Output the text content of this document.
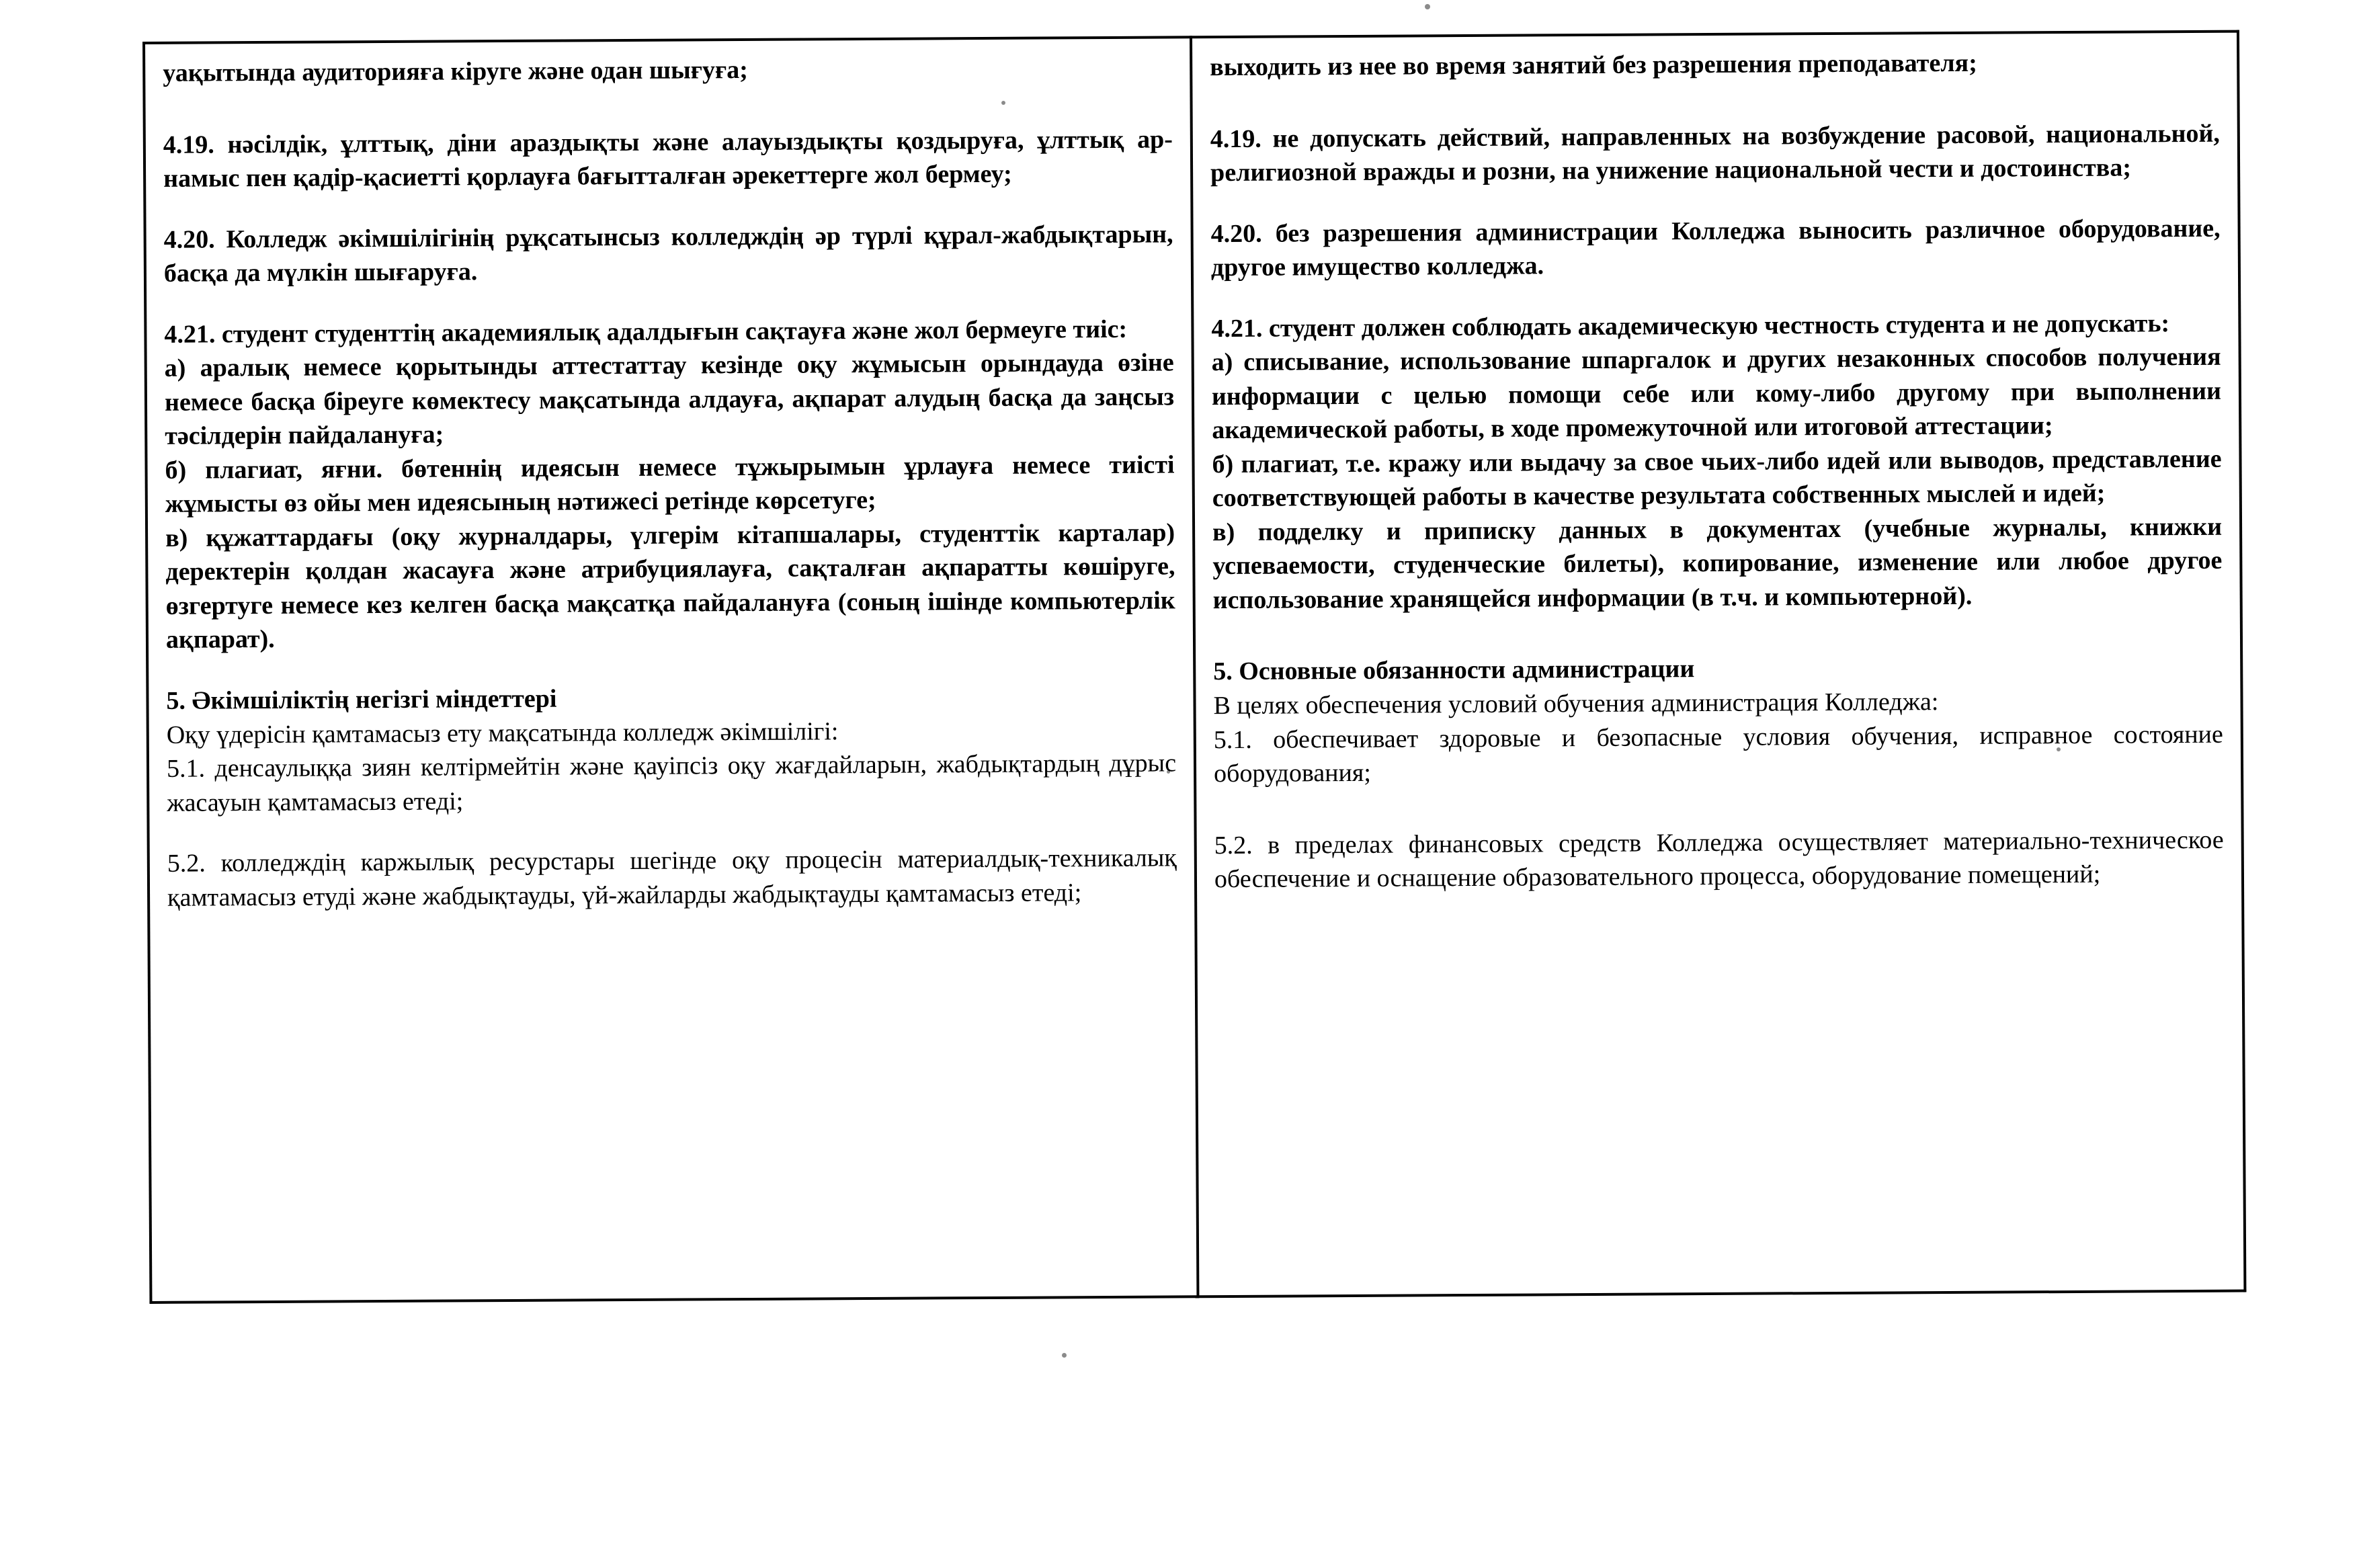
уақытында аудиторияға кіруге және одан шығуға;

4.19. нәсілдік, ұлттық, діни араздықты және алауыздықты қоздыруға, ұлттық ар-намыс пен қадір-қасиетті қорлауға бағытталған әрекеттерге жол бермеу;

4.20. Колледж әкімшілігінің рұқсатынсыз колледждің әр түрлі құрал-жабдықтарын, басқа да мүлкін шығаруға.

4.21. студент студенттің академиялық адалдығын сақтауға және жол бермеуге тиіс:

а) аралық немесе қорытынды аттестаттау кезінде оқу жұмысын орындауда өзіне немесе басқа біреуге көмектесу мақсатында алдауға, ақпарат алудың басқа да заңсыз тәсілдерін пайдалануға;

б) плагиат, яғни. бөтеннің идеясын немесе тұжырымын ұрлауға немесе тиісті жұмысты өз ойы мен идеясының нәтижесі ретінде көрсетуге;

в) құжаттардағы (оқу журналдары, үлгерім кітапшалары, студенттік карталар) деректерін қолдан жасауға және атрибуциялауға, сақталған ақпаратты көшіруге, өзгертуге немесе кез келген басқа мақсатқа пайдалануға (соның ішінде компьютерлік ақпарат).

5. Әкімшіліктің негізгі міндеттері

Оқу үдерісін қамтамасыз ету мақсатында колледж әкімшілігі:

5.1. денсаулыққа зиян келтірмейтін және қауіпсіз оқу жағдайларын, жабдықтардың дұрыс жасауын қамтамасыз етеді;

5.2. колледждің каржылық ресурстары шегінде оқу процесін материалдық-техникалық қамтамасыз етуді және жабдықтауды, үй-жайларды жабдықтауды қамтамасыз етеді;

выходить из нее во время занятий без разрешения преподавателя;

4.19. не допускать действий, направленных на возбуждение расовой, национальной, религиозной вражды и розни, на унижение национальной чести и достоинства;

4.20. без разрешения администрации Колледжа выносить различное оборудование, другое имущество колледжа.

4.21. студент должен соблюдать академическую честность студента и не допускать:

а) списывание, использование шпаргалок и других незаконных способов получения информации с целью помощи себе или кому-либо другому при выполнении академической работы, в ходе промежуточной или итоговой аттестации;

б) плагиат, т.е. кражу или выдачу за свое чьих-либо идей или выводов, представление соответствующей работы в качестве результата собственных мыслей и идей;

в) подделку и приписку данных в документах (учебные журналы, книжки успеваемости, студенческие билеты), копирование, изменение или любое другое использование хранящейся информации (в т.ч. и компьютерной).

5. Основные обязанности администрации

В целях обеспечения условий обучения администрация Колледжа:

5.1. обеспечивает здоровые и безопасные условия обучения, исправное состояние оборудования;

5.2. в пределах финансовых средств Колледжа осуществляет материально-техническое обеспечение и оснащение образовательного процесса, оборудование помещений;
